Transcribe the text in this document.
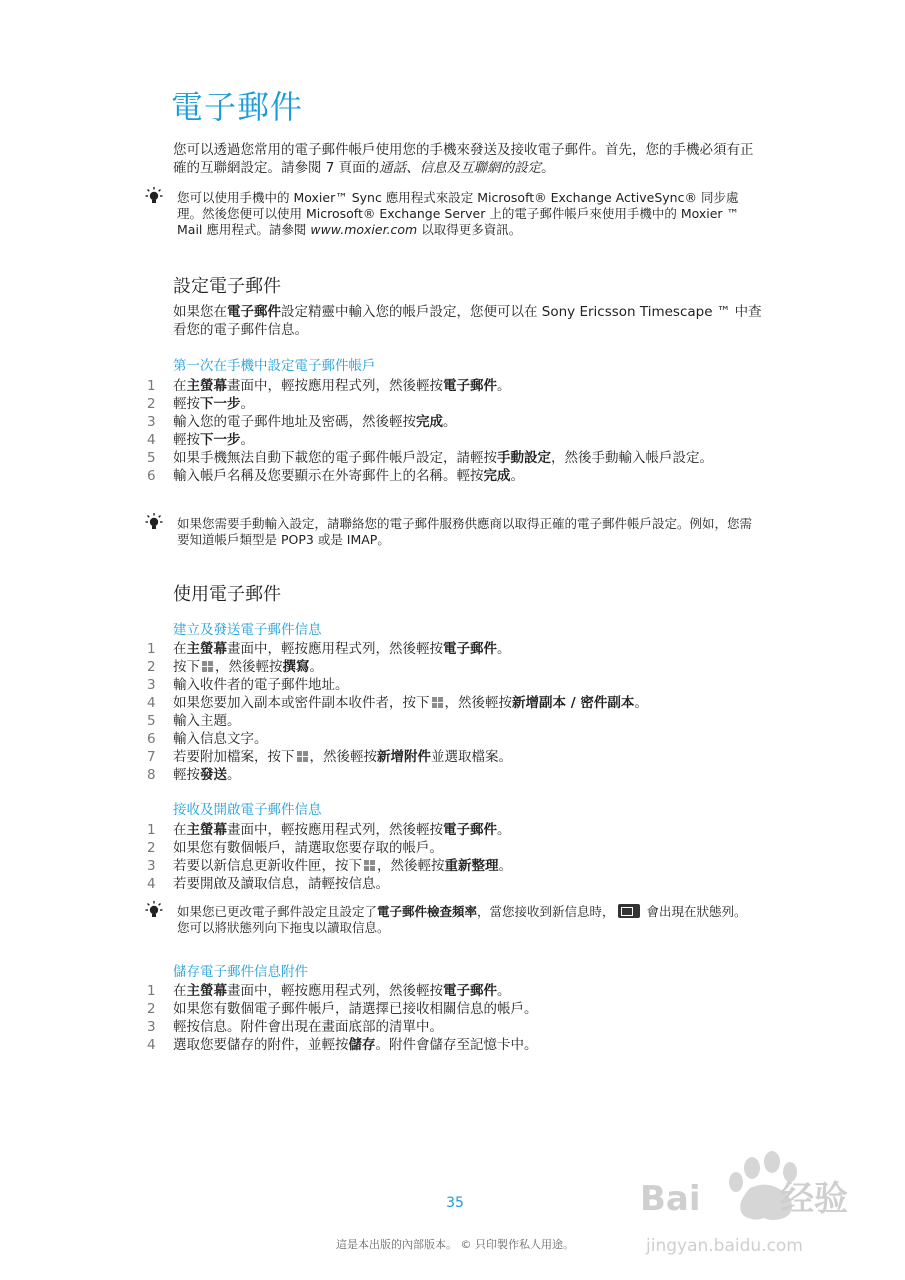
電子郵件

您可以透過您常用的電子郵件帳戶使用您的手機來發送及接收電子郵件。首先，您的手機必須有正確的互聯網設定。請參閱 7 頁面的通話、信息及互聯網的設定。

您可以使用手機中的 Moxier™ Sync 應用程式來設定 Microsoft® Exchange ActiveSync® 同步處理。然後您便可以使用 Microsoft® Exchange Server 上的電子郵件帳戶來使用手機中的 Moxier ™ Mail 應用程式。請參閱 www.moxier.com 以取得更多資訊。

設定電子郵件

如果您在電子郵件設定精靈中輸入您的帳戶設定，您便可以在 Sony Ericsson Timescape ™ 中查看您的電子郵件信息。

第一次在手機中設定電子郵件帳戶
1	在主螢幕畫面中，輕按應用程式列，然後輕按電子郵件。
2	輕按下一步。
3	輸入您的電子郵件地址及密碼，然後輕按完成。
4	輕按下一步。
5	如果手機無法自動下載您的電子郵件帳戶設定，請輕按手動設定，然後手動輸入帳戶設定。
6	輸入帳戶名稱及您要顯示在外寄郵件上的名稱。輕按完成。

如果您需要手動輸入設定，請聯絡您的電子郵件服務供應商以取得正確的電子郵件帳戶設定。例如，您需要知道帳戶類型是 POP3 或是 IMAP。

使用電子郵件
建立及發送電子郵件信息
1	在主螢幕畫面中，輕按應用程式列，然後輕按電子郵件。
2	按下 ，然後輕按撰寫。
3	輸入收件者的電子郵件地址。
4	如果您要加入副本或密件副本收件者，按下 ，然後輕按新增副本 / 密件副本。
5	輸入主題。
6	輸入信息文字。
7	若要附加檔案，按下 ，然後輕按新增附件並選取檔案。
8	輕按發送。
接收及開啟電子郵件信息
1	在主螢幕畫面中，輕按應用程式列，然後輕按電子郵件。
2	如果您有數個帳戶，請選取您要存取的帳戶。
3	若要以新信息更新收件匣，按下 ，然後輕按重新整理。
4	若要開啟及讀取信息，請輕按信息。

如果您已更改電子郵件設定且設定了電子郵件檢查頻率，當您接收到新信息時， 會出現在狀態列。您可以將狀態列向下拖曳以讀取信息。

儲存電子郵件信息附件
1	在主螢幕畫面中，輕按應用程式列，然後輕按電子郵件。
2	如果您有數個電子郵件帳戶，請選擇已接收相關信息的帳戶。
3	輕按信息。附件會出現在畫面底部的清單中。
4	選取您要儲存的附件，並輕按儲存。附件會儲存至記憶卡中。
Bai 经验

jingyan.baidu.com

35

這是本出版的內部版本。 © 只印製作私人用途。
